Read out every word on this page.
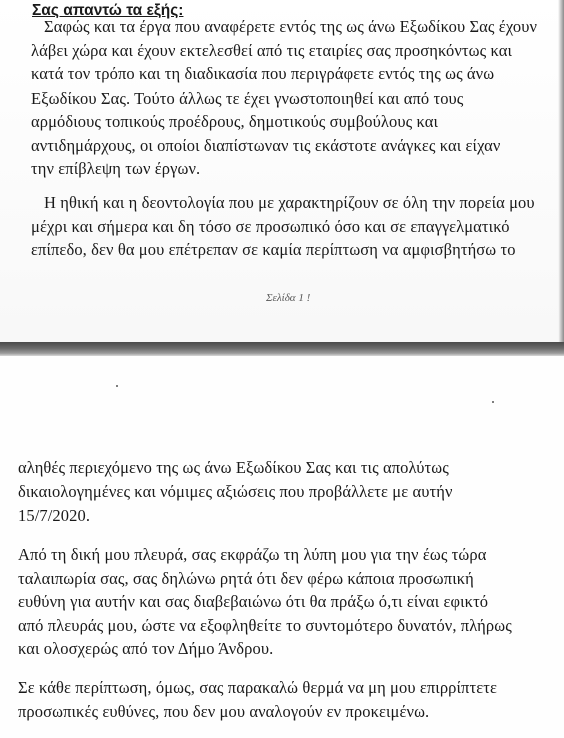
Σας απαντώ τα εξής:
Σαφώς και τα έργα που αναφέρετε εντός της ως άνω Εξωδίκου Σας έχουν
λάβει χώρα και έχουν εκτελεσθεί από τις εταιρίες σας προσηκόντως και
κατά τον τρόπο και τη διαδικασία που περιγράφετε εντός της ως άνω
Εξωδίκου Σας. Τούτο άλλως τε έχει γνωστοποιηθεί και από τους
αρμόδιους τοπικούς προέδρους, δημοτικούς συμβούλους και
αντιδημάρχους, οι οποίοι διαπίστωναν τις εκάστοτε ανάγκες και είχαν
την επίβλεψη των έργων.
Η ηθική και η δεοντολογία που με χαρακτηρίζουν σε όλη την πορεία μου
μέχρι και σήμερα και δη τόσο σε προσωπικό όσο και σε επαγγελματικό
επίπεδο, δεν θα μου επέτρεπαν σε καμία περίπτωση να αμφισβητήσω το
Σελίδα 1 !
αληθές περιεχόμενο της ως άνω Εξωδίκου Σας και τις απολύτως
δικαιολογημένες και νόμιμες αξιώσεις που προβάλλετε με αυτήν
15/7/2020.
Από τη δική μου πλευρά, σας εκφράζω τη λύπη μου για την έως τώρα
ταλαιπωρία σας, σας δηλώνω ρητά ότι δεν φέρω κάποια προσωπική
ευθύνη για αυτήν και σας διαβεβαιώνω ότι θα πράξω ό,τι είναι εφικτό
από πλευράς μου, ώστε να εξοφληθείτε το συντομότερο δυνατόν, πλήρως
και ολοσχερώς από τον Δήμο Άνδρου.
Σε κάθε περίπτωση, όμως, σας παρακαλώ θερμά να μη μου επιρρίπτετε
προσωπικές ευθύνες, που δεν μου αναλογούν εν προκειμένω.
